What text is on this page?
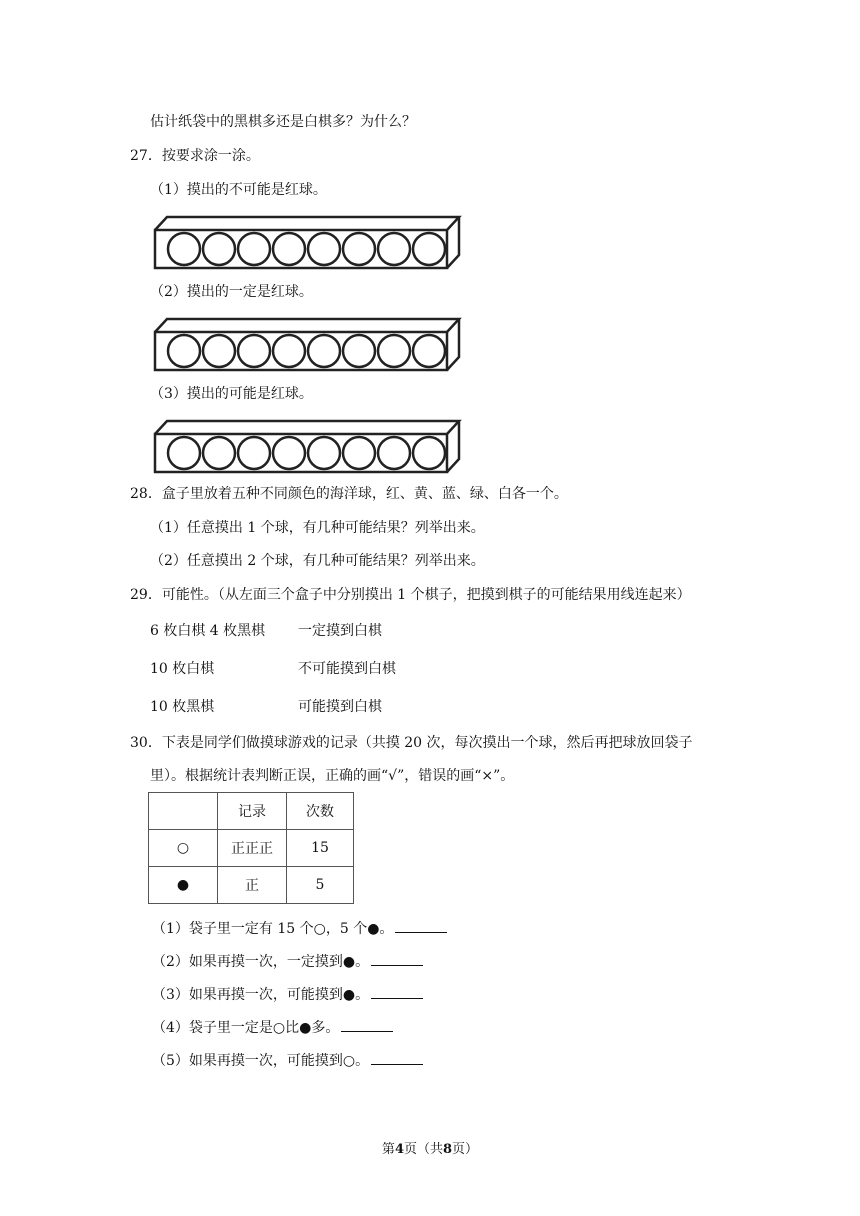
估计纸袋中的黑棋多还是白棋多？为什么？
27．按要求涂一涂。
（1）摸出的不可能是红球。
（2）摸出的一定是红球。
（3）摸出的可能是红球。
28．盒子里放着五种不同颜色的海洋球，红、黄、蓝、绿、白各一个。
（1）任意摸出 1 个球，有几种可能结果？列举出来。
（2）任意摸出 2 个球，有几种可能结果？列举出来。
29．可能性。（从左面三个盒子中分别摸出 1 个棋子，把摸到棋子的可能结果用线连起来）
6 枚白棋 4 枚黑棋 一定摸到白棋
10 枚白棋	不可能摸到白棋
10 枚黑棋	可能摸到白棋
30．下表是同学们做摸球游戏的记录（共摸 20 次，每次摸出一个球，然后再把球放回袋子
里）。根据统计表判断正误，正确的画“√”，错误的画“×”。
	记录	次数
○	正正正	15
●	正	5
（1）袋子里一定有 15 个○，5 个●。
（2）如果再摸一次，一定摸到●。
（3）如果再摸一次，可能摸到●。
（4）袋子里一定是○比●多。
（5）如果再摸一次，可能摸到○。
第4页（共8页）
